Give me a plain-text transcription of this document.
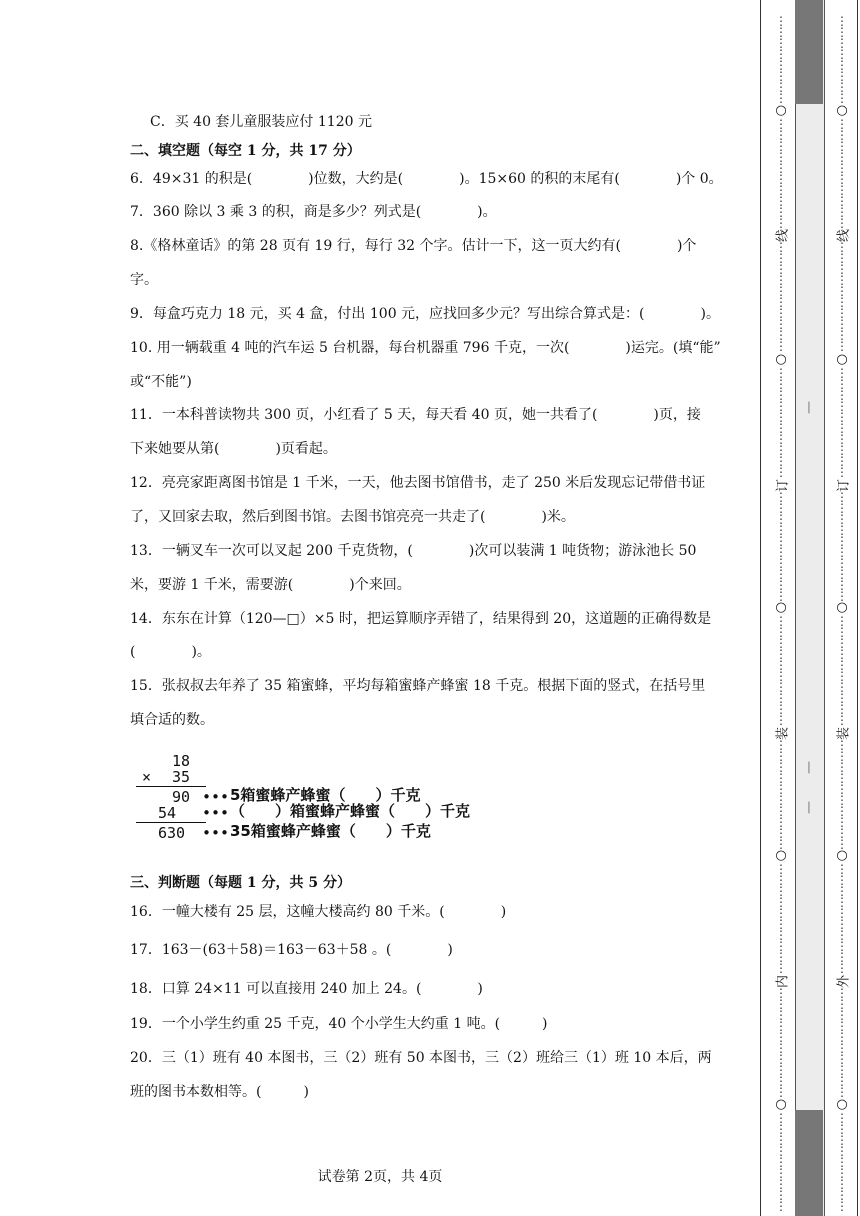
C．买 40 套儿童服装应付 1120 元
二、填空题（每空 1 分，共 17 分）
6．49×31 的积是(　　　　)位数，大约是(　　　　)。15×60 的积的末尾有(　　　　)个 0。
7．360 除以 3 乘 3 的积，商是多少？列式是(　　　　)。
8.《格林童话》的第 28 页有 19 行，每行 32 个字。估计一下，这一页大约有(　　　　)个
字。
9．每盒巧克力 18 元，买 4 盒，付出 100 元，应找回多少元？写出综合算式是：(　　　　)。
10. 用一辆载重 4 吨的汽车运 5 台机器，每台机器重 796 千克，一次(　　　　)运完。(填“能”
或“不能”)
11．一本科普读物共 300 页，小红看了 5 天，每天看 40 页，她一共看了(　　　　)页，接
下来她要从第(　　　　)页看起。
12．亮亮家距离图书馆是 1 千米，一天，他去图书馆借书，走了 250 米后发现忘记带借书证
了，又回家去取，然后到图书馆。去图书馆亮亮一共走了(　　　　)米。
13．一辆叉车一次可以叉起 200 千克货物，(　　　　)次可以装满 1 吨货物；游泳池长 50
米，要游 1 千米，需要游(　　　　)个来回。
14．东东在计算（120—□）×5 时，把运算顺序弄错了，结果得到 20，这道题的正确得数是
(　　　　)。
15．张叔叔去年养了 35 箱蜜蜂，平均每箱蜜蜂产蜂蜜 18 千克。根据下面的竖式，在括号里
填合适的数。
18
× 35
90 ••• 5箱蜜蜂产蜂蜜（　　）千克
54 ••• （　　）箱蜜蜂产蜂蜜（　　）千克
630 ••• 35箱蜜蜂产蜂蜜（　　）千克
三、判断题（每题 1 分，共 5 分）
16．一幢大楼有 25 层，这幢大楼高约 80 千米。(　　　　)
17．163－(63＋58)＝163－63＋58 。(　　　　)
18．口算 24×11 可以直接用 240 加上 24。(　　　　)
19．一个小学生约重 25 千克，40 个小学生大约重 1 吨。(　　　)
20．三（1）班有 40 本图书，三（2）班有 50 本图书，三（2）班给三（1）班 10 本后，两
班的图书本数相等。(　　　)
试卷第 2页，共 4页
⋮⋮⋮⋮⋮⋮⋮⋮
⋮⋮⋮⋮⋮⋮⋮⋮⋮⋮
⋮⋮⋮⋮⋮⋮⋮⋮⋮⋮
⋮⋮⋮⋮⋮⋮⋮⋮⋮⋮
⋮⋮⋮⋮⋮⋮⋮⋮⋮⋮
⋮⋮⋮⋮⋮⋮⋮⋮⋮⋮
⋮⋮⋮⋮⋮⋮⋮⋮⋮⋮
⋮⋮⋮⋮⋮⋮⋮⋮⋮⋮
⋮⋮⋮⋮⋮⋮⋮⋮⋮⋮
⋮⋮⋮⋮⋮⋮⋮⋮⋮
○
○
○
○
○
线
订
装
内
—
—
—
⋮⋮⋮⋮⋮⋮⋮⋮
⋮⋮⋮⋮⋮⋮⋮⋮⋮⋮
⋮⋮⋮⋮⋮⋮⋮⋮⋮⋮
⋮⋮⋮⋮⋮⋮⋮⋮⋮⋮
⋮⋮⋮⋮⋮⋮⋮⋮⋮⋮
⋮⋮⋮⋮⋮⋮⋮⋮⋮⋮
⋮⋮⋮⋮⋮⋮⋮⋮⋮⋮
⋮⋮⋮⋮⋮⋮⋮⋮⋮⋮
⋮⋮⋮⋮⋮⋮⋮⋮⋮⋮
⋮⋮⋮⋮⋮⋮⋮⋮⋮
○
○
○
○
○
线
订
装
外
